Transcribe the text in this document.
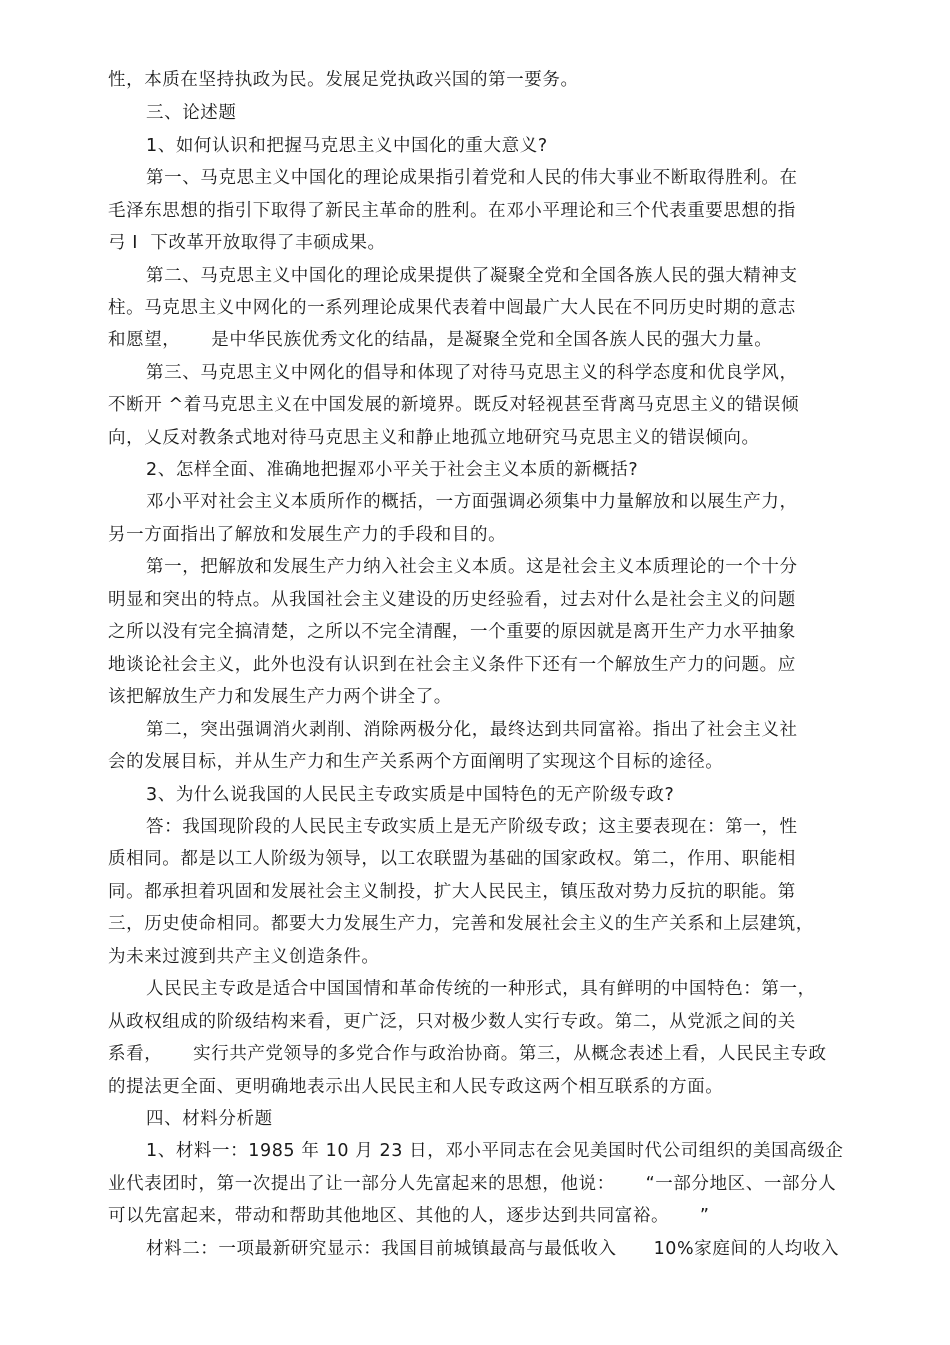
性，本质在坚持执政为民。发展足党执政兴国的第一要务。
三、论述题
1、如何认识和把握马克思主义中国化的重大意义?
第一、马克思主义中国化的理论成果指引着党和人民的伟大事业不断取得胜利。在
毛泽东思想的指引下取得了新民主革命的胜利。在邓小平理论和三个代表重要思想的指
弓 I  下改革开放取得了丰硕成果。
第二、马克思主义中国化的理论成果提供了凝聚全党和全国各族人民的强大精神支
柱。马克思主义中网化的一系列理论成果代表着中闿最广大人民在不冋历史时期的意志
和愿望，     是中华民族优秀文化的结晶，是凝聚全党和全国各族人民的强大力量。
第三、马克思主义中网化的倡导和体现了对待马克思主义的科学态度和优良学风，
不断开 ^着马克思主义在中国发展的新境界。既反对轻视甚至背离马克思主义的错误倾
向，乂反对教条式地对待马克思主义和静止地孤立地研究马克思主义的错误倾向。
2、怎样全面、准确地把握邓小平关于社会主义本质的新概括?
邓小平对社会主义本质所作的概括，一方面强调必须集中力量解放和以展生产力，
另一方面指出了解放和发展生产力的手段和目的。
第一，把解放和发展生产力纳入社会主义本质。这是社会主义本质理论的一个十分
明显和突出的特点。从我国社会主义建设的历史经验看，过去对什么是社会主义的问题
之所以没有完全搞清楚，之所以不完全清醒，一个重要的原因就是离开生产力水平抽象
地谈论社会主义，此外也没有认识到在社会主义条件下还有一个解放生产力的问题。应
该把解放生产力和发展生产力两个讲全了。
第二，突出强调消火剥削、消除两极分化，最终达到共同富裕。指出了社会主义社
会的发展目标，并从生产力和生产关系两个方面阐明了实现这个目标的途径。
3、为什么说我国的人民民主专政实质是中国特色的无产阶级专政?
答：我国现阶段的人民民主专政实质上是无产阶级专政；这主要表现在：第一，性
质相同。都是以工人阶级为领导，以工农联盟为基础的国家政权。第二，作用、职能相
同。都承担着巩固和发展社会主义制投，扩大人民民主，镇压敌对势力反抗的职能。第
三，历史使命相同。都要大力发展生产力，完善和发展社会主义的生产关系和上层建筑，
为未来过渡到共产主义创造条件。
人民民主专政是适合中国国情和革命传统的一种形式，具有鲜明的中国特色：第一，
从政权组成的阶级结构来看，更广泛，只对极少数人实行专政。第二，从党派之间的关
系看，     实行共产党领导的多党合作与政治协商。第三，从概念表述上看，人民民主专政
的提法更全面、更明确地表示出人民民主和人民专政这两个相互联系的方面。
四、材料分析题
1、材料一：1985 年 10 月 23 日，邓小平同志在会见美国时代公司组织的美国高级企
业代表团时，第一次提出了让一部分人先富起来的思想，他说：     “一部分地区、一部分人
可以先富起来，带动和帮助其他地区、其他的人，逐步达到共同富裕。     ”
材料二：一项最新研究显示：我国目前城镇最高与最低收入      10%家庭间的人均收入
